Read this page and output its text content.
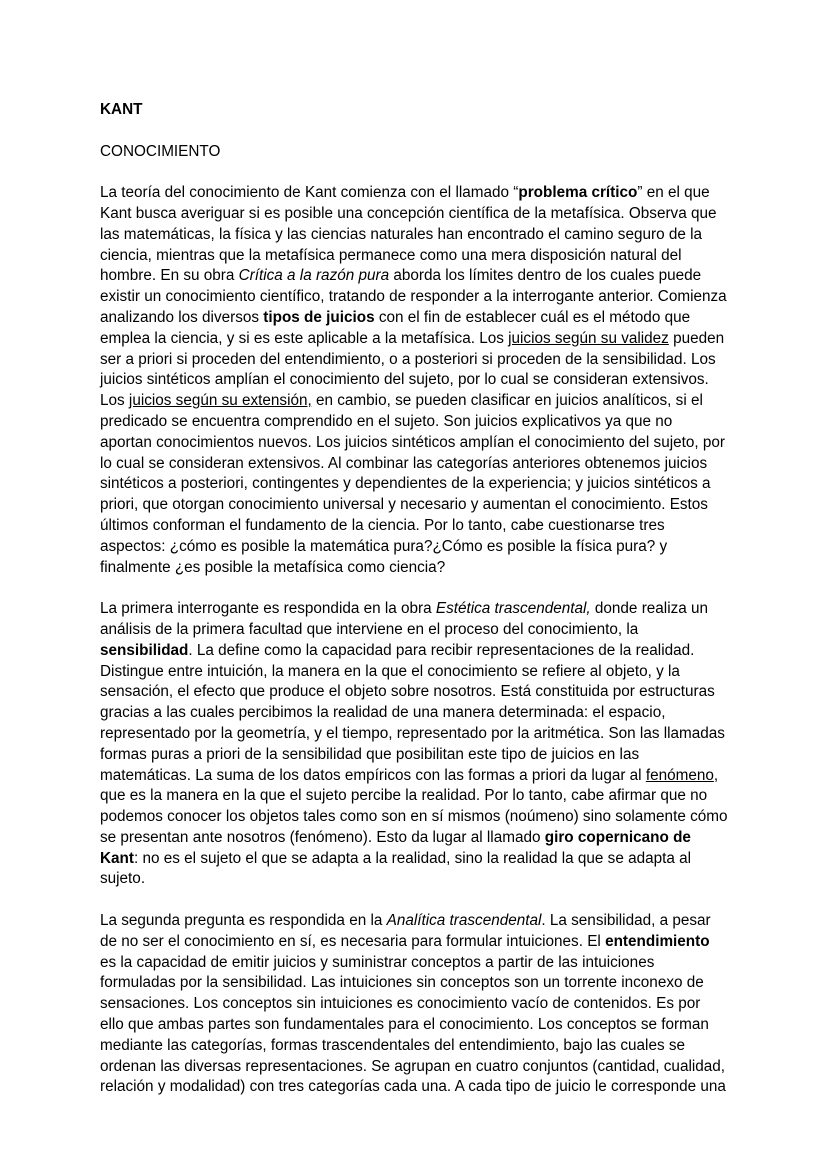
KANT

CONOCIMIENTO

La teoría del conocimiento de Kant comienza con el llamado “problema crítico” en el que Kant busca averiguar si es posible una concepción científica de la metafísica. Observa que las matemáticas, la física y las ciencias naturales han encontrado el camino seguro de la ciencia, mientras que la metafísica permanece como una mera disposición natural del hombre. En su obra Crítica a la razón pura aborda los límites dentro de los cuales puede existir un conocimiento científico, tratando de responder a la interrogante anterior. Comienza analizando los diversos tipos de juicios con el fin de establecer cuál es el método que emplea la ciencia, y si es este aplicable a la metafísica. Los juicios según su validez pueden ser a priori si proceden del entendimiento, o a posteriori si proceden de la sensibilidad. Los juicios sintéticos amplían el conocimiento del sujeto, por lo cual se consideran extensivos. Los juicios según su extensión, en cambio, se pueden clasificar en juicios analíticos, si el predicado se encuentra comprendido en el sujeto. Son juicios explicativos ya que no aportan conocimientos nuevos. Los juicios sintéticos amplían el conocimiento del sujeto, por lo cual se consideran extensivos. Al combinar las categorías anteriores obtenemos juicios sintéticos a posteriori, contingentes y dependientes de la experiencia; y juicios sintéticos a priori, que otorgan conocimiento universal y necesario y aumentan el conocimiento. Estos últimos conforman el fundamento de la ciencia. Por lo tanto, cabe cuestionarse tres aspectos: ¿cómo es posible la matemática pura?¿Cómo es posible la física pura? y finalmente ¿es posible la metafísica como ciencia?

La primera interrogante es respondida en la obra Estética trascendental, donde realiza un análisis de la primera facultad que interviene en el proceso del conocimiento, la sensibilidad. La define como la capacidad para recibir representaciones de la realidad. Distingue entre intuición, la manera en la que el conocimiento se refiere al objeto, y la sensación, el efecto que produce el objeto sobre nosotros. Está constituida por estructuras gracias a las cuales percibimos la realidad de una manera determinada: el espacio, representado por la geometría, y el tiempo, representado por la aritmética. Son las llamadas formas puras a priori de la sensibilidad que posibilitan este tipo de juicios en las matemáticas. La suma de los datos empíricos con las formas a priori da lugar al fenómeno, que es la manera en la que el sujeto percibe la realidad. Por lo tanto, cabe afirmar que no podemos conocer los objetos tales como son en sí mismos (noúmeno) sino solamente cómo se presentan ante nosotros (fenómeno). Esto da lugar al llamado giro copernicano de Kant: no es el sujeto el que se adapta a la realidad, sino la realidad la que se adapta al sujeto.

La segunda pregunta es respondida en la Analítica trascendental. La sensibilidad, a pesar de no ser el conocimiento en sí, es necesaria para formular intuiciones. El entendimiento es la capacidad de emitir juicios y suministrar conceptos a partir de las intuiciones formuladas por la sensibilidad. Las intuiciones sin conceptos son un torrente inconexo de sensaciones. Los conceptos sin intuiciones es conocimiento vacío de contenidos. Es por ello que ambas partes son fundamentales para el conocimiento. Los conceptos se forman mediante las categorías, formas trascendentales del entendimiento, bajo las cuales se ordenan las diversas representaciones. Se agrupan en cuatro conjuntos (cantidad, cualidad, relación y modalidad) con tres categorías cada una. A cada tipo de juicio le corresponde una
